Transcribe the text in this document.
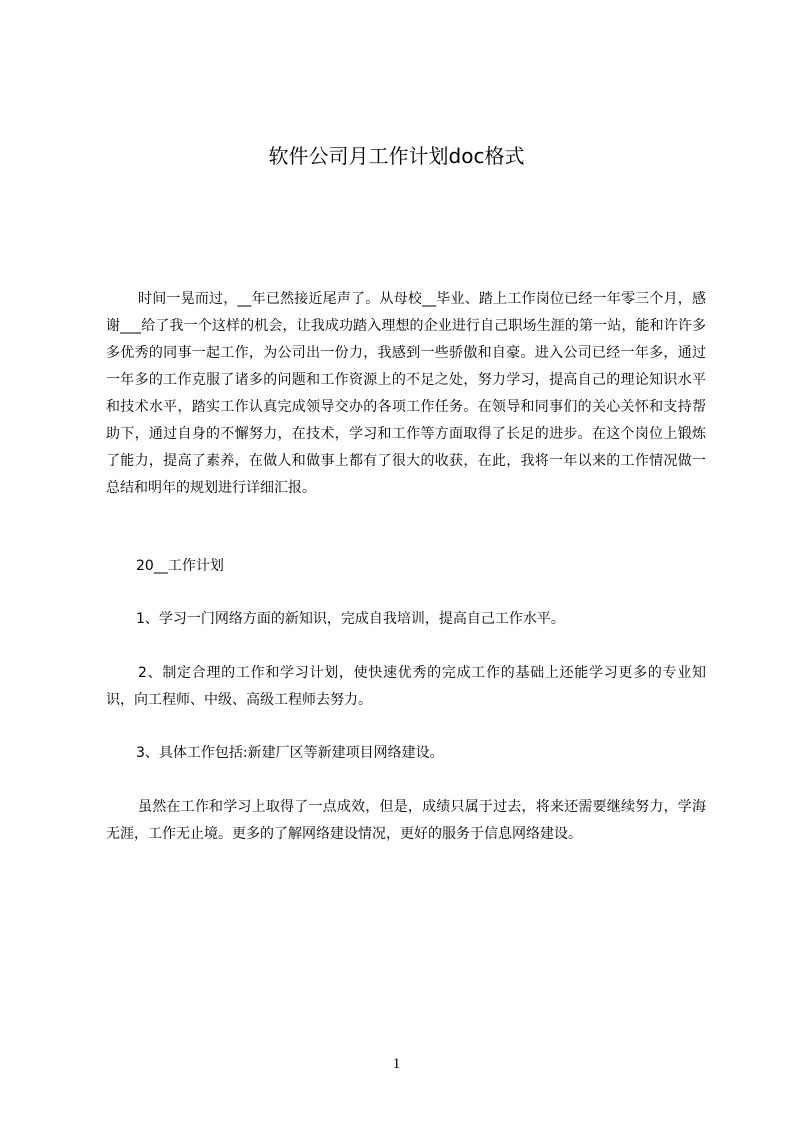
软件公司月工作计划doc格式

时间一晃而过，__年已然接近尾声了。从母校__毕业、踏上工作岗位已经一年零三个月，感谢___给了我一个这样的机会，让我成功踏入理想的企业进行自己职场生涯的第一站，能和许许多多优秀的同事一起工作，为公司出一份力，我感到一些骄傲和自豪。进入公司已经一年多，通过一年多的工作克服了诸多的问题和工作资源上的不足之处，努力学习，提高自己的理论知识水平和技术水平，踏实工作认真完成领导交办的各项工作任务。在领导和同事们的关心关怀和支持帮助下，通过自身的不懈努力，在技术，学习和工作等方面取得了长足的进步。在这个岗位上锻炼了能力，提高了素养，在做人和做事上都有了很大的收获，在此，我将一年以来的工作情况做一总结和明年的规划进行详细汇报。

20__工作计划
1、学习一门网络方面的新知识，完成自我培训，提高自己工作水平。

2、制定合理的工作和学习计划，使快速优秀的完成工作的基础上还能学习更多的专业知识，向工程师、中级、高级工程师去努力。

3、具体工作包括:新建厂区等新建项目网络建设。

虽然在工作和学习上取得了一点成效，但是，成绩只属于过去，将来还需要继续努力，学海无涯，工作无止境。更多的了解网络建设情况，更好的服务于信息网络建设。

1
